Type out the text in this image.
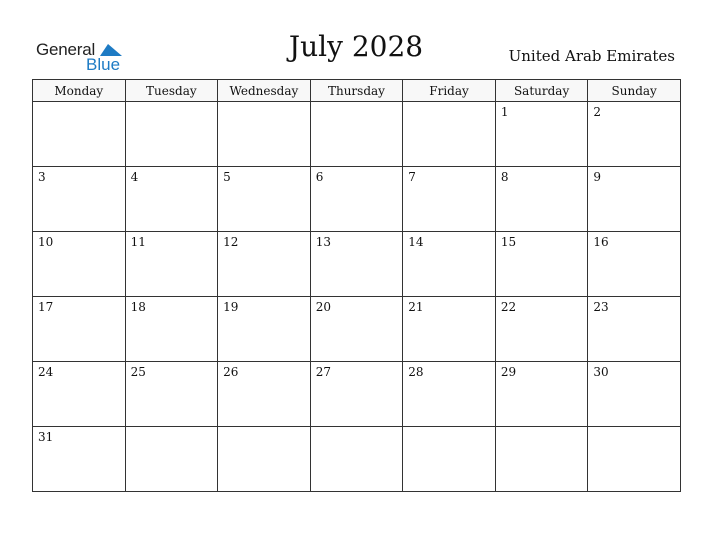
General
Blue
July 2028	United Arab Emirates
Monday	Tuesday	Wednesday	Thursday	Friday	Saturday	Sunday

					1	2

3	4	5	6	7	8	9

10	11	12	13	14	15	16

17	18	19	20	21	22	23

24	25	26	27	28	29	30

31						
